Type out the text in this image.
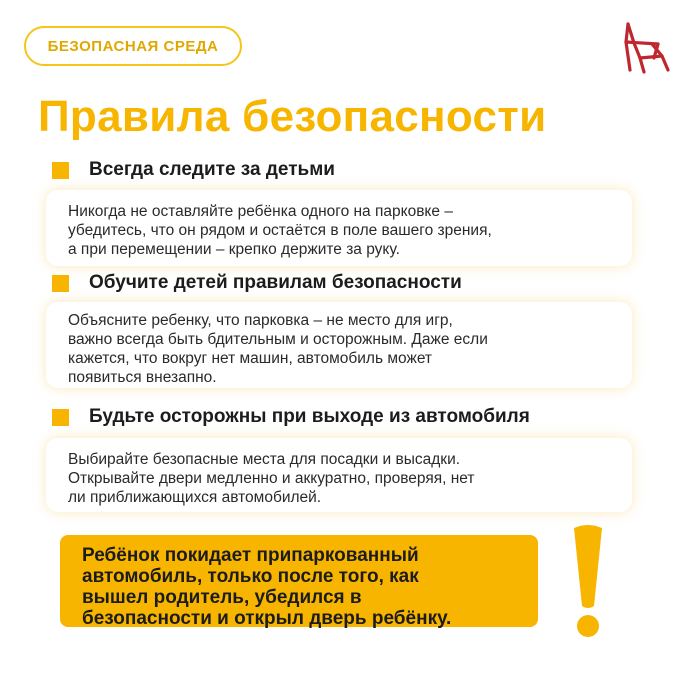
БЕЗОПАСНАЯ СРЕДА
Правила безопасности
Всегда следите за детьми
Никогда не оставляйте ребёнка одного на парковке –
убедитесь, что он рядом и остаётся в поле вашего зрения,
а при перемещении – крепко держите за руку.
Обучите детей правилам безопасности
Объясните ребенку, что парковка – не место для игр,
важно всегда быть бдительным и осторожным. Даже если
кажется, что вокруг нет машин, автомобиль может
появиться внезапно.
Будьте осторожны при выходе из автомобиля
Выбирайте безопасные места для посадки и высадки.
Открывайте двери медленно и аккуратно, проверяя, нет
ли приближающихся автомобилей.
Ребёнок покидает припаркованный
автомобиль, только после того, как
вышел родитель, убедился в
безопасности и открыл дверь ребёнку.
